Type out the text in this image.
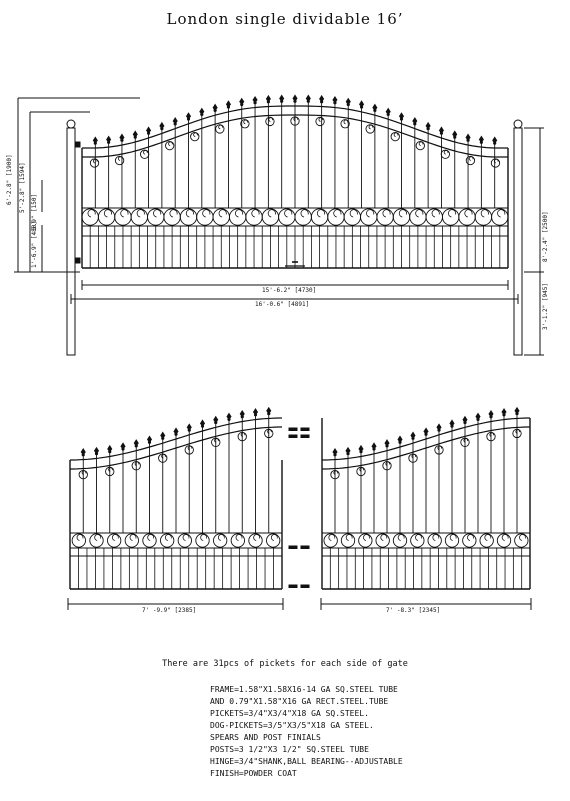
London single dividable 16’
6'-2.8" [1900] 5'-2.8" [1594] 5.9" [150]
1'-6.9" [480]	8'-2.4" [2500]
3'-1.2" [945]
15'-6.2" [4730]
16'-0.6" [4891]
7' -9.9" [2385]	7' -8.3" [2345]
There are 31pcs of pickets for each side of gate
FRAME=1.58"X1.58X16-14 GA SQ.STEEL TUBE
AND 0.79"X1.58"X16 GA RECT.STEEL.TUBE
PICKETS=3/4"X3/4"X18 GA SQ.STEEL.
DOG-PICKETS=3/5"X3/5"X18 GA STEEL.
SPEARS AND POST FINIALS
POSTS=3 1/2"X3 1/2" SQ.STEEL TUBE
HINGE=3/4"SHANK,BALL BEARING--ADJUSTABLE
FINISH=POWDER COAT
